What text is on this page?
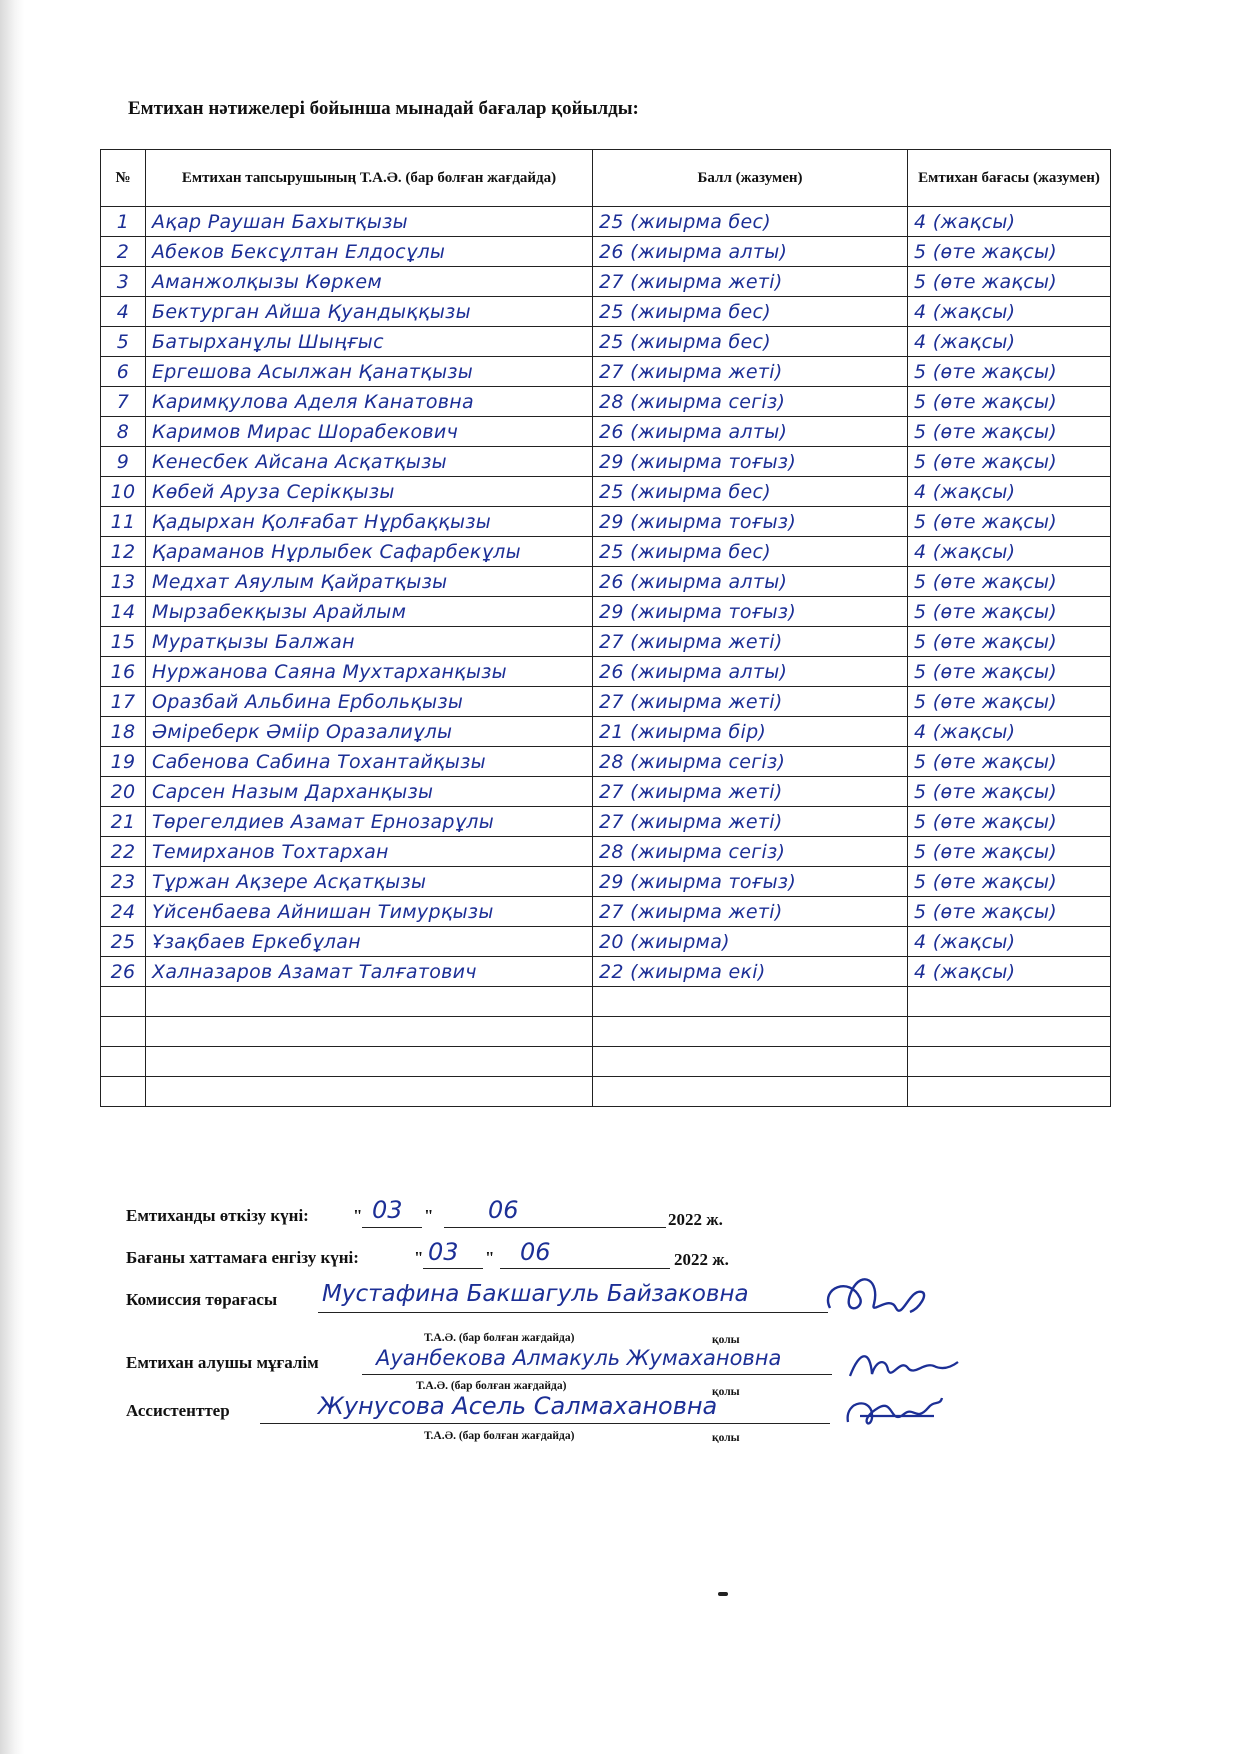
Емтихан нәтижелері бойынша мынадай бағалар қойылды:
№	Емтихан тапсырушының Т.А.Ә. (бар болған жағдайда)	Балл (жазумен)	Емтихан бағасы (жазумен)
1	Ақар Раушан Бахытқызы	25 (жиырма бес)	4 (жақсы)
2	Абеков Бексұлтан Елдосұлы	26 (жиырма алты)	5 (өте жақсы)
3	Аманжолқызы Көркем	27 (жиырма жеті)	5 (өте жақсы)
4	Бектурган Айша Қуандыққызы	25 (жиырма бес)	4 (жақсы)
5	Батырханұлы Шыңғыс	25 (жиырма бес)	4 (жақсы)
6	Ергешова Асылжан Қанатқызы	27 (жиырма жеті)	5 (өте жақсы)
7	Каримқулова Аделя Канатовна	28 (жиырма сегіз)	5 (өте жақсы)
8	Каримов Мирас Шорабекович	26 (жиырма алты)	5 (өте жақсы)
9	Кенесбек Айсана Асқатқызы	29 (жиырма тоғыз)	5 (өте жақсы)
10	Көбей Аруза Серікқызы	25 (жиырма бес)	4 (жақсы)
11	Қадырхан Қолғабат Нұрбаққызы	29 (жиырма тоғыз)	5 (өте жақсы)
12	Қараманов Нұрлыбек Сафарбекұлы	25 (жиырма бес)	4 (жақсы)
13	Медхат Аяулым Қайратқызы	26 (жиырма алты)	5 (өте жақсы)
14	Мырзабекқызы Арайлым	29 (жиырма тоғыз)	5 (өте жақсы)
15	Муратқызы Балжан	27 (жиырма жеті)	5 (өте жақсы)
16	Нуржанова Саяна Мухтарханқызы	26 (жиырма алты)	5 (өте жақсы)
17	Оразбай Альбина Ербольқызы	27 (жиырма жеті)	5 (өте жақсы)
18	Әміреберк Әміір Оразалиұлы	21 (жиырма бір)	4 (жақсы)
19	Сабенова Сабина Тохантайқызы	28 (жиырма сегіз)	5 (өте жақсы)
20	Сарсен Назым Дарханқызы	27 (жиырма жеті)	5 (өте жақсы)
21	Төрегелдиев Азамат Ернозарұлы	27 (жиырма жеті)	5 (өте жақсы)
22	Темирханов Тохтархан	28 (жиырма сегіз)	5 (өте жақсы)
23	Тұржан Ақзере Асқатқызы	29 (жиырма тоғыз)	5 (өте жақсы)
24	Үйсенбаева Айнишан Тимурқызы	27 (жиырма жеті)	5 (өте жақсы)
25	Ұзақбаев Еркебұлан	20 (жиырма)	4 (жақсы)
26	Халназаров Азамат Талғатович	22 (жиырма екі)	4 (жақсы)

Емтиханды өткізу күні:	" 03 " 06	2022 ж.
Бағаны хаттамаға енгізу күні:	" 03 " 06	2022 ж.
Комиссия төрағасы Мустафина Бакшагуль Байзаковна
Т.А.Ә. (бар болған жағдайда)	қолы
Емтихан алушы мұғалім	Ауанбекова Алмакуль Жумахановна
Т.А.Ә. (бар болған жағдайда)	қолы
Ассистенттер	Жунусова Асель Салмахановна
Т.А.Ә. (бар болған жағдайда)	қолы
